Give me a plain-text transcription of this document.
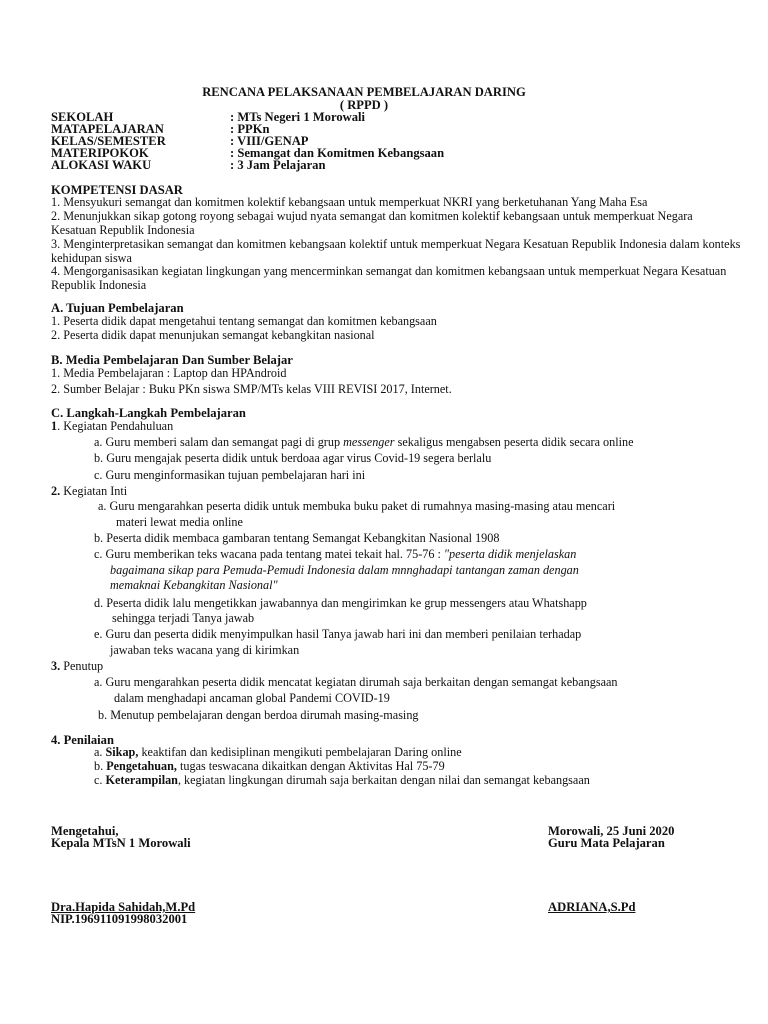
RENCANA PELAKSANAAN PEMBELAJARAN DARING
( RPPD )
SEKOLAH	: MTs Negeri 1 Morowali
MATAPELAJARAN	: PPKn
KELAS/SEMESTER	: VIII/GENAP
MATERIPOKOK	: Semangat dan Komitmen Kebangsaan
ALOKASI WAKU	: 3 Jam Pelajaran
KOMPETENSI DASAR
1. Mensyukuri semangat dan komitmen kolektif kebangsaan untuk memperkuat NKRI yang berketuhanan Yang Maha Esa
2. Menunjukkan sikap gotong royong sebagai wujud nyata semangat dan komitmen kolektif kebangsaan untuk memperkuat Negara Kesatuan Republik Indonesia
3. Menginterpretasikan semangat dan komitmen kebangsaan kolektif untuk memperkuat Negara Kesatuan Republik Indonesia dalam konteks kehidupan siswa
4. Mengorganisasikan kegiatan lingkungan yang mencerminkan semangat dan komitmen kebangsaan untuk memperkuat Negara Kesatuan Republik Indonesia
A. Tujuan Pembelajaran
1. Peserta didik dapat mengetahui tentang semangat dan komitmen kebangsaan
2. Peserta didik dapat menunjukan semangat kebangkitan nasional
B. Media Pembelajaran Dan Sumber Belajar
1. Media Pembelajaran : Laptop dan HPAndroid
2. Sumber Belajar : Buku PKn siswa SMP/MTs kelas VIII REVISI 2017, Internet.
C. Langkah-Langkah Pembelajaran
1. Kegiatan Pendahuluan
a. Guru memberi salam dan semangat pagi di grup messenger sekaligus mengabsen peserta didik secara online
b. Guru mengajak peserta didik untuk berdoaa agar virus Covid-19 segera berlalu
c. Guru menginformasikan tujuan pembelajaran hari ini
2. Kegiatan Inti
a. Guru mengarahkan peserta didik untuk membuka buku paket di rumahnya masing-masing atau mencari
materi lewat media online
b. Peserta didik membaca gambaran tentang Semangat Kebangkitan Nasional 1908
c. Guru memberikan teks wacana pada tentang matei tekait hal. 75-76 : "peserta didik menjelaskan
bagaimana sikap para Pemuda-Pemudi Indonesia dalam mnnghadapi tantangan zaman dengan
memaknai Kebangkitan Nasional"
d. Peserta didik lalu mengetikkan jawabannya dan mengirimkan ke grup messengers atau Whatshapp
sehingga terjadi Tanya jawab
e. Guru dan peserta didik menyimpulkan hasil Tanya jawab hari ini dan memberi penilaian terhadap
jawaban teks wacana yang di kirimkan
3. Penutup
a. Guru mengarahkan peserta didik mencatat kegiatan dirumah saja berkaitan dengan semangat kebangsaan
dalam menghadapi ancaman global Pandemi COVID-19
b. Menutup pembelajaran dengan berdoa dirumah masing-masing
4. Penilaian
a. Sikap, keaktifan dan kedisiplinan mengikuti pembelajaran Daring online
b. Pengetahuan, tugas teswacana dikaitkan dengan Aktivitas Hal 75-79
c. Keterampilan, kegiatan lingkungan dirumah saja berkaitan dengan nilai dan semangat kebangsaan
Mengetahui,
Kepala MTsN 1 Morowali
Morowali, 25 Juni 2020
Guru Mata Pelajaran
Dra.Hapida Sahidah,M.Pd
NIP.196911091998032001
ADRIANA,S.Pd
